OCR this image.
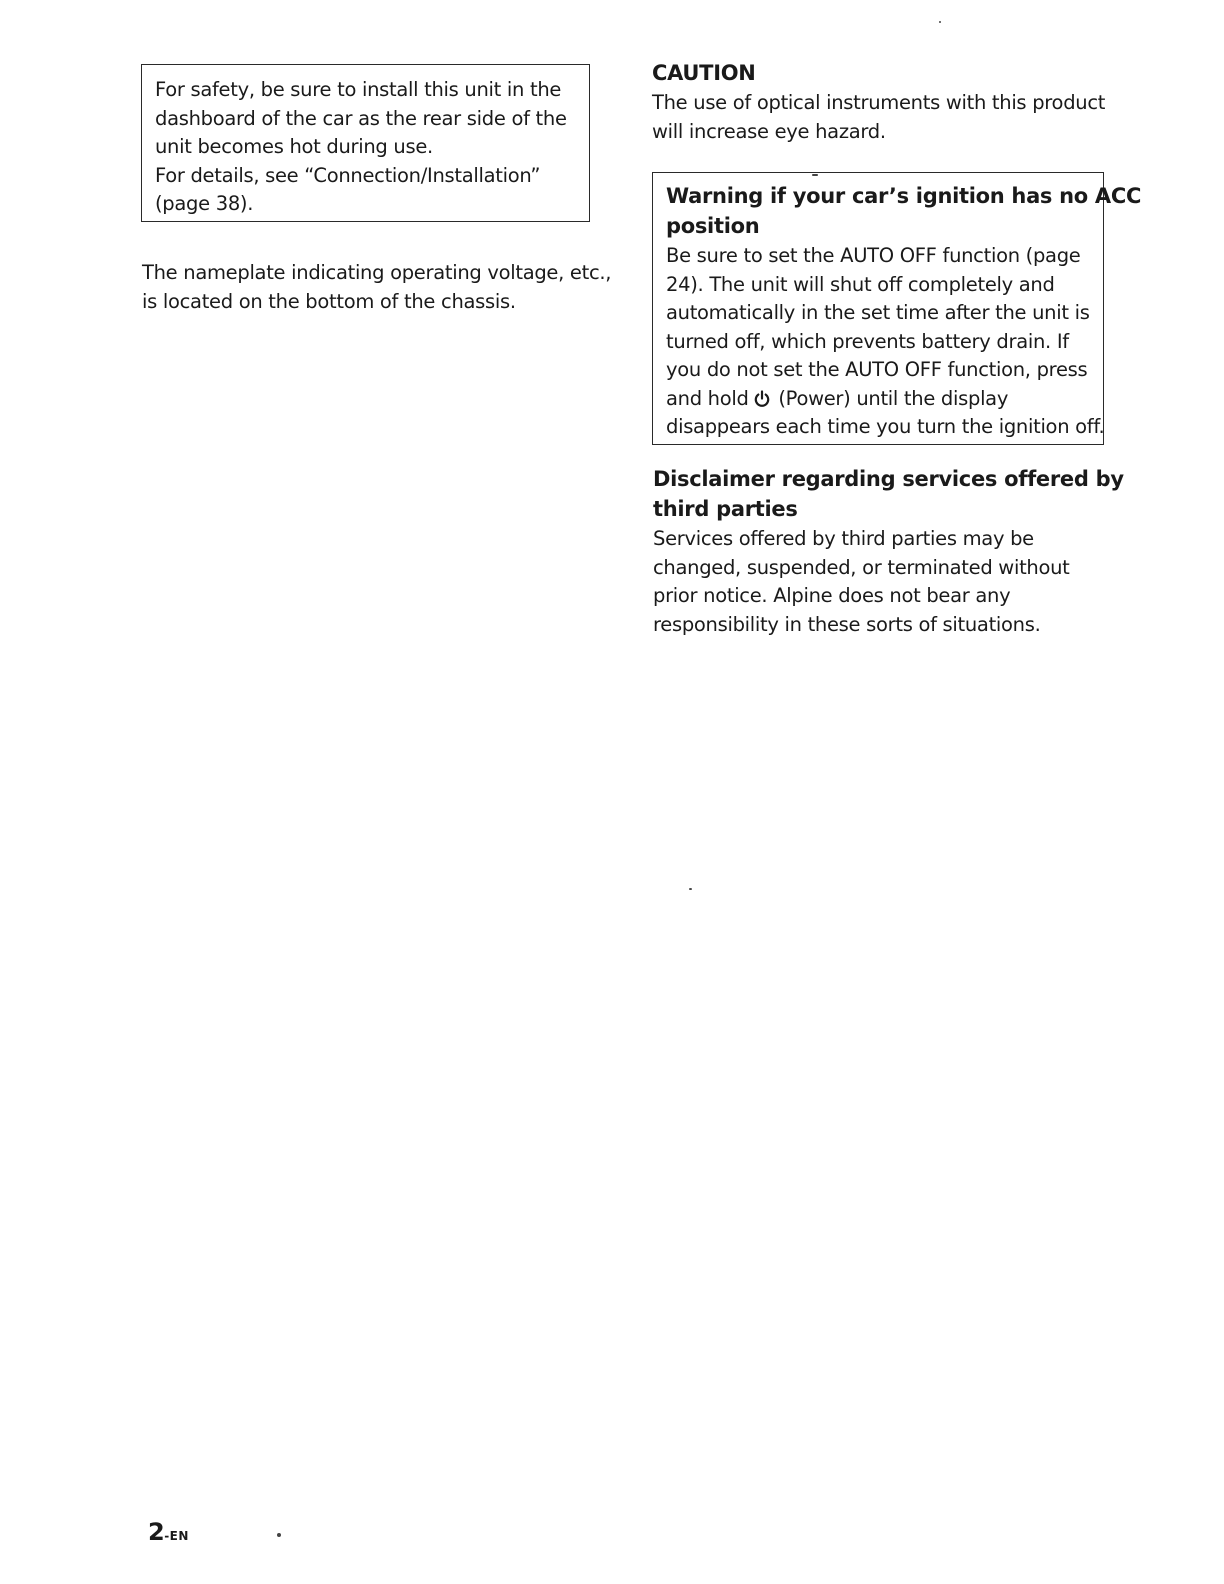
For safety, be sure to install this unit in the
dashboard of the car as the rear side of the
unit becomes hot during use.
For details, see “Connection/Installation”
(page 38).
The nameplate indicating operating voltage, etc.,
is located on the bottom of the chassis.
CAUTION
The use of optical instruments with this product
will increase eye hazard.
Warning if your car’s ignition has no ACC
position
Be sure to set the AUTO OFF function (page
24). The unit will shut off completely and
automatically in the set time after the unit is
turned off, which prevents battery drain. If
you do not set the AUTO OFF function, press
and hold  (Power) until the display
disappears each time you turn the ignition off.
Disclaimer regarding services offered by
third parties
Services offered by third parties may be
changed, suspended, or terminated without
prior notice. Alpine does not bear any
responsibility in these sorts of situations.
2-EN
